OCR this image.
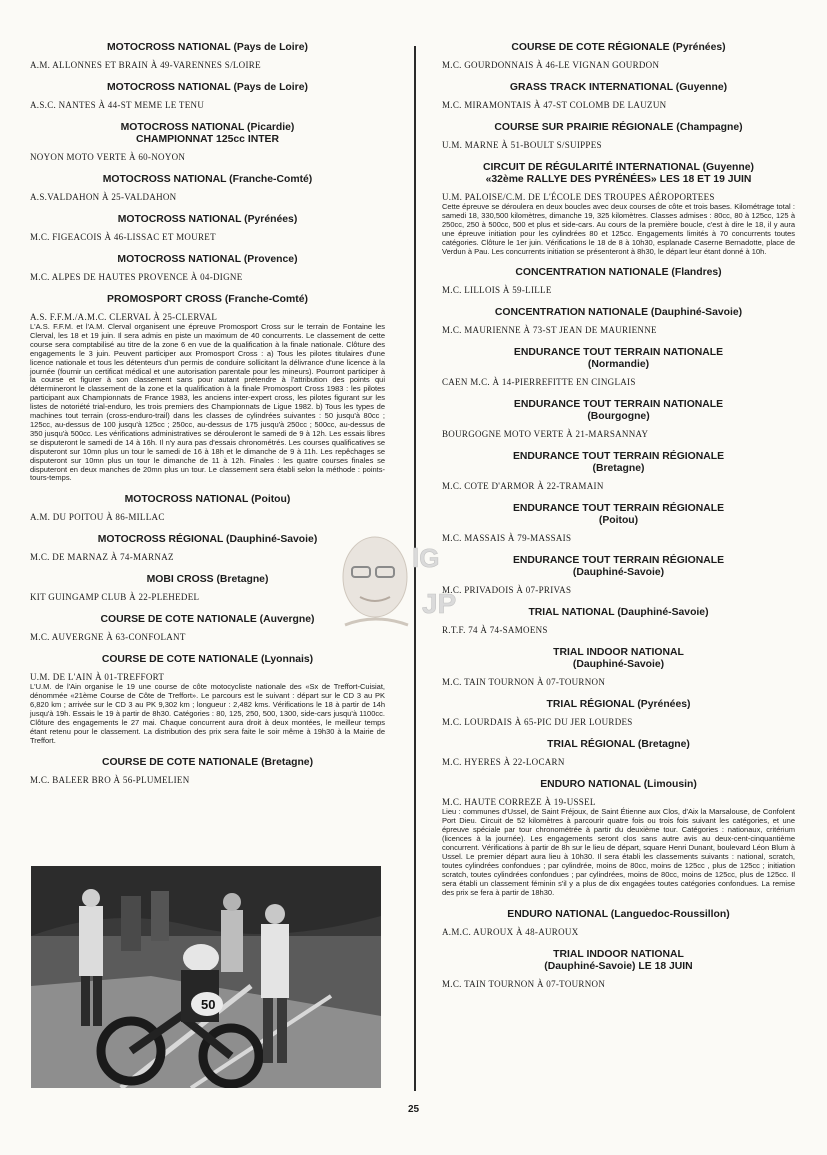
MOTOCROSS NATIONAL (Pays de Loire)
A.M. ALLONNES ET BRAIN À 49-VARENNES S/LOIRE
MOTOCROSS NATIONAL (Pays de Loire)
A.S.C. NANTES À 44-ST MEME LE TENU
MOTOCROSS NATIONAL (Picardie)
CHAMPIONNAT 125cc INTER
NOYON MOTO VERTE À 60-NOYON
MOTOCROSS NATIONAL (Franche-Comté)
A.S.VALDAHON À 25-VALDAHON
MOTOCROSS NATIONAL (Pyrénées)
M.C. FIGEACOIS À 46-LISSAC ET MOURET
MOTOCROSS NATIONAL (Provence)
M.C. ALPES DE HAUTES PROVENCE À 04-DIGNE
PROMOSPORT CROSS (Franche-Comté)
A.S. F.F.M./A.M.C. CLERVAL À 25-CLERVAL
L'A.S. F.F.M. et l'A.M. Clerval organisent une épreuve Promosport Cross sur le terrain de Fontaine les Clerval, les 18 et 19 juin. Il sera admis en piste un maximum de 40 concurrents. Le classement de cette course sera comptabilisé au titre de la zone 6 en vue de la qualification à la finale nationale. Clôture des engagements le 3 juin. Peuvent participer aux Promosport Cross : a) Tous les pilotes titulaires d'une licence nationale et tous les détenteurs d'un permis de conduire sollicitant la délivrance d'une licence à la journée (fournir un certificat médical et une autorisation parentale pour les mineurs). Pourront participer à la course et figurer à son classement sans pour autant prétendre à l'attribution des points qui détermineront le classement de la zone et la qualification à la finale Promosport Cross 1983 : les pilotes participant aux Championnats de France 1983, les anciens inter-expert cross, les pilotes figurant sur les listes de notoriété trial-enduro, les trois premiers des Championnats de Ligue 1982. b) Tous les types de machines tout terrain (cross-enduro-trail) dans les classes de cylindrées suivantes : 50 jusqu'à 80cc ; 125cc, au-dessus de 100 jusqu'à 125cc ; 250cc, au-dessus de 175 jusqu'à 250cc ; 500cc, au-dessus de 350 jusqu'à 500cc. Les vérifications administratives se dérouleront le samedi de 9 à 12h. Les essais libres se disputeront le samedi de 14 à 16h. Il n'y aura pas d'essais chronométrés. Les courses qualificatives se disputeront sur 10mn plus un tour le samedi de 16 à 18h et le dimanche de 9 à 11h. Les repêchages se disputeront sur 10mn plus un tour le dimanche de 11 à 12h. Finales : les quatre courses finales se disputeront en deux manches de 20mn plus un tour. Le classement sera établi selon la méthode : points-tours-temps.
MOTOCROSS NATIONAL (Poitou)
A.M. DU POITOU À 86-MILLAC
MOTOCROSS RÉGIONAL (Dauphiné-Savoie)
M.C. DE MARNAZ À 74-MARNAZ
MOBI CROSS (Bretagne)
KIT GUINGAMP CLUB À 22-PLEHEDEL
COURSE DE COTE NATIONALE (Auvergne)
M.C. AUVERGNE À 63-CONFOLANT
COURSE DE COTE NATIONALE (Lyonnais)
U.M. DE L'AIN À 01-TREFFORT
L'U.M. de l'Ain organise le 19 une course de côte motocycliste nationale des «Sx de Treffort-Cuisiat, dénommée «21ème Course de Côte de Treffort». Le parcours est le suivant : départ sur le CD 3 au PK 6,820 km ; arrivée sur le CD 3 au PK 9,302 km ; longueur : 2,482 kms. Vérifications le 18 à partir de 14h jusqu'à 19h. Essais le 19 à partir de 8h30. Catégories : 80, 125, 250, 500, 1300, side-cars jusqu'à 1100cc. Clôture des engagements le 27 mai. Chaque concurrent aura droit à deux montées, le meilleur temps étant retenu pour le classement. La distribution des prix sera faite le soir même à 19h30 à la Mairie de Treffort.
COURSE DE COTE NATIONALE (Bretagne)
M.C. BALEER BRO À 56-PLUMELIEN
COURSE DE COTE RÉGIONALE (Pyrénées)
M.C. GOURDONNAIS À 46-LE VIGNAN GOURDON
GRASS TRACK INTERNATIONAL (Guyenne)
M.C. MIRAMONTAIS À 47-ST COLOMB DE LAUZUN
COURSE SUR PRAIRIE RÉGIONALE (Champagne)
U.M. MARNE À 51-BOULT S/SUIPPES
CIRCUIT DE RÉGULARITÉ INTERNATIONAL (Guyenne)
«32ème RALLYE DES PYRÉNÉES» LES 18 ET 19 JUIN
U.M. PALOISE/C.M. DE L'ÉCOLE DES TROUPES AÉROPORTEES
Cette épreuve se déroulera en deux boucles avec deux courses de côte et trois bases. Kilométrage total : samedi 18, 330,500 kilomètres, dimanche 19, 325 kilomètres. Classes admises : 80cc, 80 à 125cc, 125 à 250cc, 250 à 500cc, 500 et plus et side-cars. Au cours de la première boucle, c'est à dire le 18, il y aura une épreuve initiation pour les cylindrées 80 et 125cc. Engagements limités à 70 concurrents toutes catégories. Clôture le 1er juin. Vérifications le 18 de 8 à 10h30, esplanade Caserne Bernadotte, place de Verdun à Pau. Les concurrents initiation se présenteront à 8h30, le départ leur étant donné à 10h.
CONCENTRATION NATIONALE (Flandres)
M.C. LILLOIS À 59-LILLE
CONCENTRATION NATIONALE (Dauphiné-Savoie)
M.C. MAURIENNE À 73-ST JEAN DE MAURIENNE
ENDURANCE TOUT TERRAIN NATIONALE
(Normandie)
CAEN M.C. À 14-PIERREFITTE EN CINGLAIS
ENDURANCE TOUT TERRAIN NATIONALE
(Bourgogne)
BOURGOGNE MOTO VERTE À 21-MARSANNAY
ENDURANCE TOUT TERRAIN RÉGIONALE
(Bretagne)
M.C. COTE D'ARMOR À 22-TRAMAIN
ENDURANCE TOUT TERRAIN RÉGIONALE
(Poitou)
M.C. MASSAIS À 79-MASSAIS
ENDURANCE TOUT TERRAIN RÉGIONALE
(Dauphiné-Savoie)
M.C. PRIVADOIS À 07-PRIVAS
TRIAL NATIONAL (Dauphiné-Savoie)
R.T.F. 74 À 74-SAMOENS
TRIAL INDOOR NATIONAL
(Dauphiné-Savoie)
M.C. TAIN TOURNON À 07-TOURNON
TRIAL RÉGIONAL (Pyrénées)
M.C. LOURDAIS À 65-PIC DU JER LOURDES
TRIAL RÉGIONAL (Bretagne)
M.C. HYERES À 22-LOCARN
ENDURO NATIONAL (Limousin)
M.C. HAUTE CORREZE À 19-USSEL
Lieu : communes d'Ussel, de Saint Fréjoux, de Saint Étienne aux Clos, d'Aix la Marsalouse, de Confolent Port Dieu. Circuit de 52 kilomètres à parcourir quatre fois ou trois fois suivant les catégories, et une épreuve spéciale par tour chronométrée à partir du deuxième tour. Catégories : nationaux, critérium (licences à la journée). Les engagements seront clos sans autre avis au deux-cent-cinquantième concurrent. Vérifications à partir de 8h sur le lieu de départ, square Henri Dunant, boulevard Léon Blum à Ussel. Le premier départ aura lieu à 10h30. Il sera établi les classements suivants : national, scratch, toutes cylindrées confondues ; par cylindrée, moins de 80cc, moins de 125cc , plus de 125cc ; initiation scratch, toutes cylindrées confondues ; par cylindrées, moins de 80cc, moins de 125cc, plus de 125cc. Il sera établi un classement féminin s'il y a plus de dix engagées toutes catégories confondues. La remise des prix se fera à partir de 18h30.
ENDURO NATIONAL (Languedoc-Roussillon)
A.M.C. AUROUX À 48-AUROUX
TRIAL INDOOR NATIONAL
(Dauphiné-Savoie) LE 18 JUIN
M.C. TAIN TOURNON À 07-TOURNON
50
lG
JP
25
